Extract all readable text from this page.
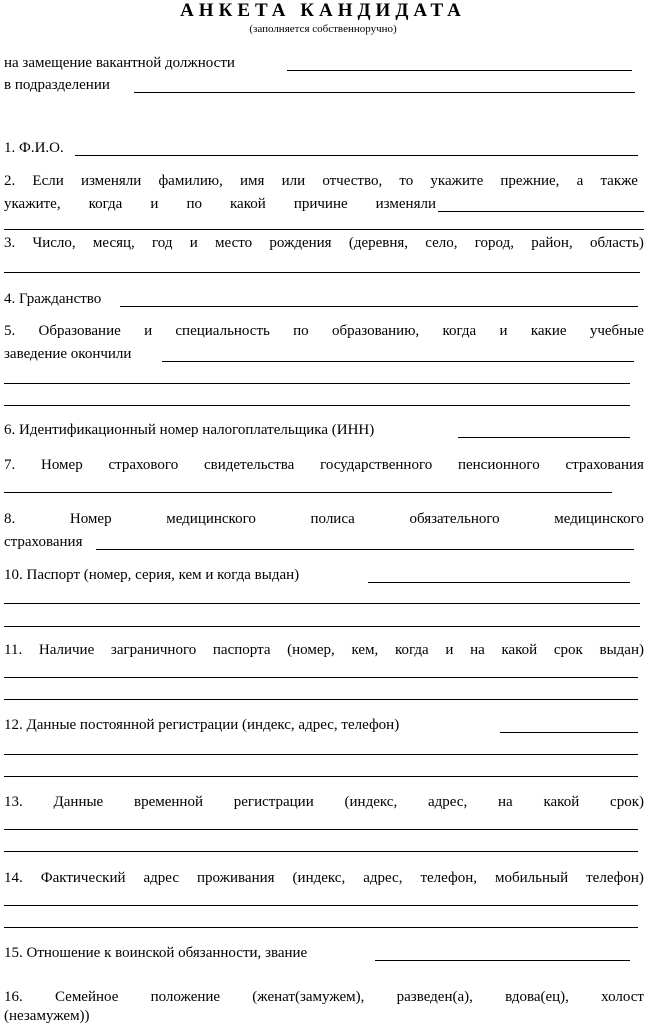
АНКЕТА КАНДИДАТА
(заполняется собственноручно)
на замещение вакантной должности
в подразделении
1. Ф.И.О.
2. Если изменяли фамилию, имя или отчество, то укажите прежние, а также
укажите, когда и по какой причине изменяли
3. Число, месяц, год и место рождения (деревня, село, город, район, область)
4. Гражданство
5. Образование и специальность по образованию, когда и какие учебные
заведение окончили
6. Идентификационный номер налогоплательщика (ИНН)
7. Номер страхового свидетельства государственного пенсионного страхования
8.	Номер	медицинского	полиса	обязательного	медицинского
страхования
10. Паспорт (номер, серия, кем и когда выдан)
11. Наличие заграничного паспорта (номер, кем, когда и на какой срок выдан)
12. Данные постоянной регистрации (индекс, адрес, телефон)
13. Данные временной регистрации (индекс, адрес, на какой срок)
14. Фактический адрес проживания (индекс, адрес, телефон, мобильный телефон)
15. Отношение к воинской обязанности, звание
16. Семейное положение (женат(замужем), разведен(а), вдова(ец), холост
(незамужем))
